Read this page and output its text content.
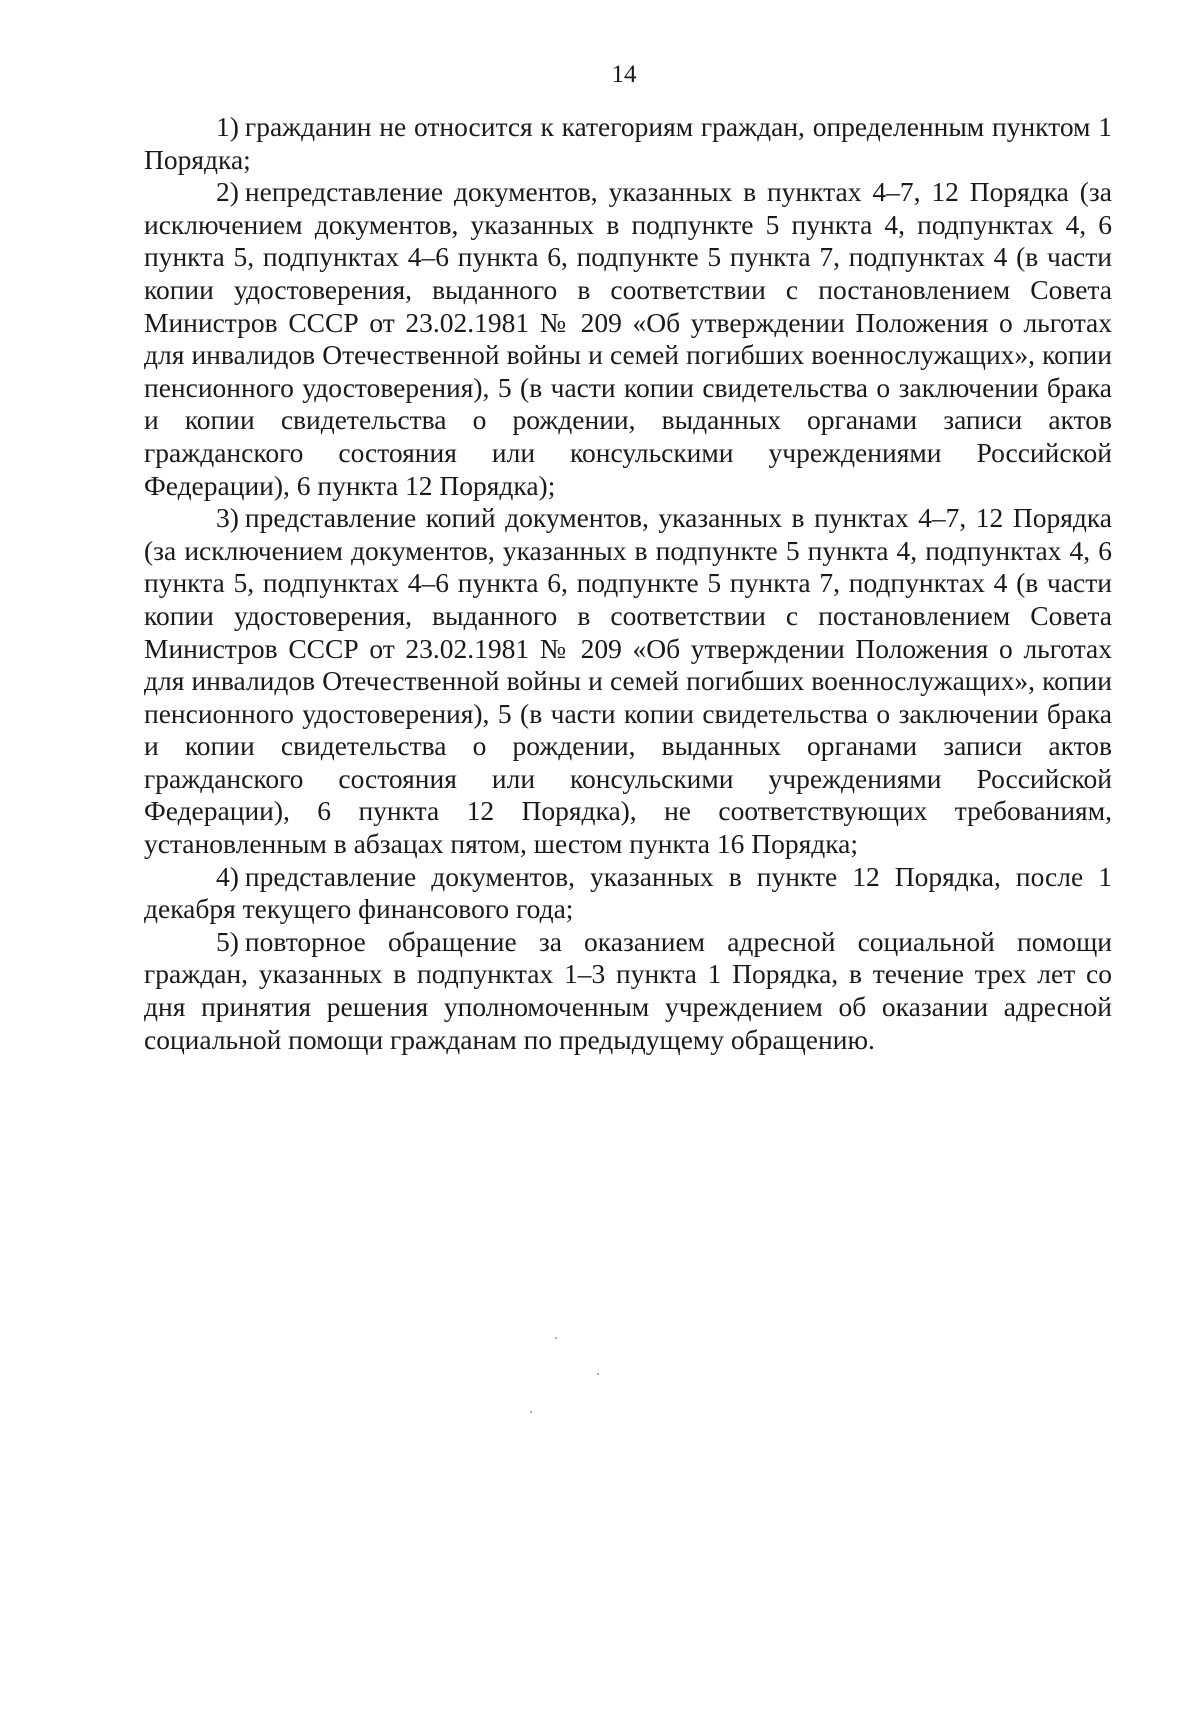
14

1) гражданин не относится к категориям граждан, определенным пунктом 1 Порядка;

2) непредставление документов, указанных в пунктах 4–7, 12 Порядка (за исключением документов, указанных в подпункте 5 пункта 4, подпунктах 4, 6 пункта 5, подпунктах 4–6 пункта 6, подпункте 5 пункта 7, подпунктах 4 (в части копии удостоверения, выданного в соответствии с постановлением Совета Министров СССР от 23.02.1981 № 209 «Об утверждении Положения о льготах для инвалидов Отечественной войны и семей погибших военнослужащих», копии пенсионного удостоверения), 5 (в части копии свидетельства о заключении брака и копии свидетельства о рождении, выданных органами записи актов гражданского состояния или консульскими учреждениями Российской Федерации), 6 пункта 12 Порядка);

3) представление копий документов, указанных в пунктах 4–7, 12 Порядка (за исключением документов, указанных в подпункте 5 пункта 4, подпунктах 4, 6 пункта 5, подпунктах 4–6 пункта 6, подпункте 5 пункта 7, подпунктах 4 (в части копии удостоверения, выданного в соответствии с постановлением Совета Министров СССР от 23.02.1981 № 209 «Об утверждении Положения о льготах для инвалидов Отечественной войны и семей погибших военнослужащих», копии пенсионного удостоверения), 5 (в части копии свидетельства о заключении брака и копии свидетельства о рождении, выданных органами записи актов гражданского состояния или консульскими учреждениями Российской Федерации), 6 пункта 12 Порядка), не соответствующих требованиям, установленным в абзацах пятом, шестом пункта 16 Порядка;

4) представление документов, указанных в пункте 12 Порядка, после 1 декабря текущего финансового года;

5) повторное обращение за оказанием адресной социальной помощи граждан, указанных в подпунктах 1–3 пункта 1 Порядка, в течение трех лет со дня принятия решения уполномоченным учреждением об оказании адресной социальной помощи гражданам по предыдущему обращению.
